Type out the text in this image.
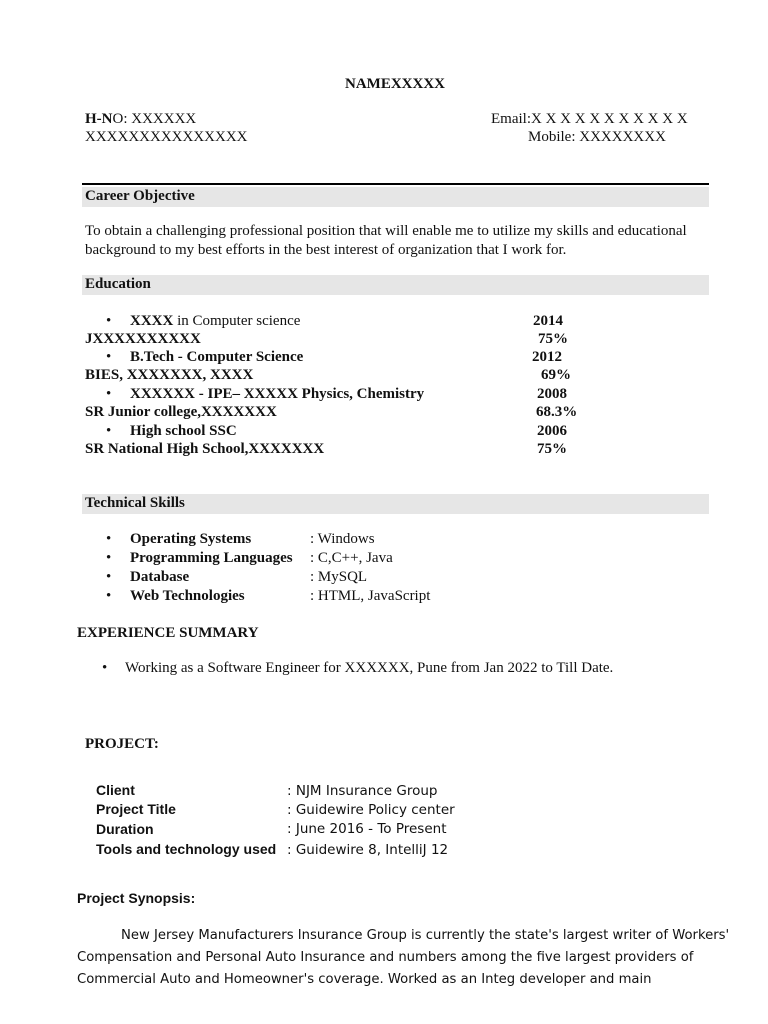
NAMEXXXXX
H-NO: XXXXXX
XXXXXXXXXXXXXXX
Email:X X X X X X X X X X X
Mobile: XXXXXXXX
Career Objective
To obtain a challenging professional position that will enable me to utilize my skills and educational background to my best efforts in the best interest of organization that I work for.
Education
• XXXX in Computer science	2014
JXXXXXXXXXX	75%
• B.Tech - Computer Science	2012
BIES, XXXXXXX, XXXX	69%
• XXXXXX - IPE– XXXXX Physics, Chemistry	2008
SR Junior college,XXXXXXX	68.3%
• High school SSC	2006
SR National High School,XXXXXXX	75%
Technical Skills
• Operating Systems	: Windows
• Programming Languages : C,C++, Java
• Database	: MySQL
• Web Technologies	: HTML, JavaScript
EXPERIENCE SUMMARY
• Working as a Software Engineer for XXXXXX, Pune from Jan 2022 to Till Date.
PROJECT:
Client	: NJM Insurance Group
Project Title	: Guidewire Policy center
Duration	: June 2016 - To Present
Tools and technology used : Guidewire 8, IntelliJ 12
Project Synopsis:
New Jersey Manufacturers Insurance Group is currently the state's largest writer of Workers'
Compensation and Personal Auto Insurance and numbers among the five largest providers of
Commercial Auto and Homeowner's coverage. Worked as an Integ developer and main
